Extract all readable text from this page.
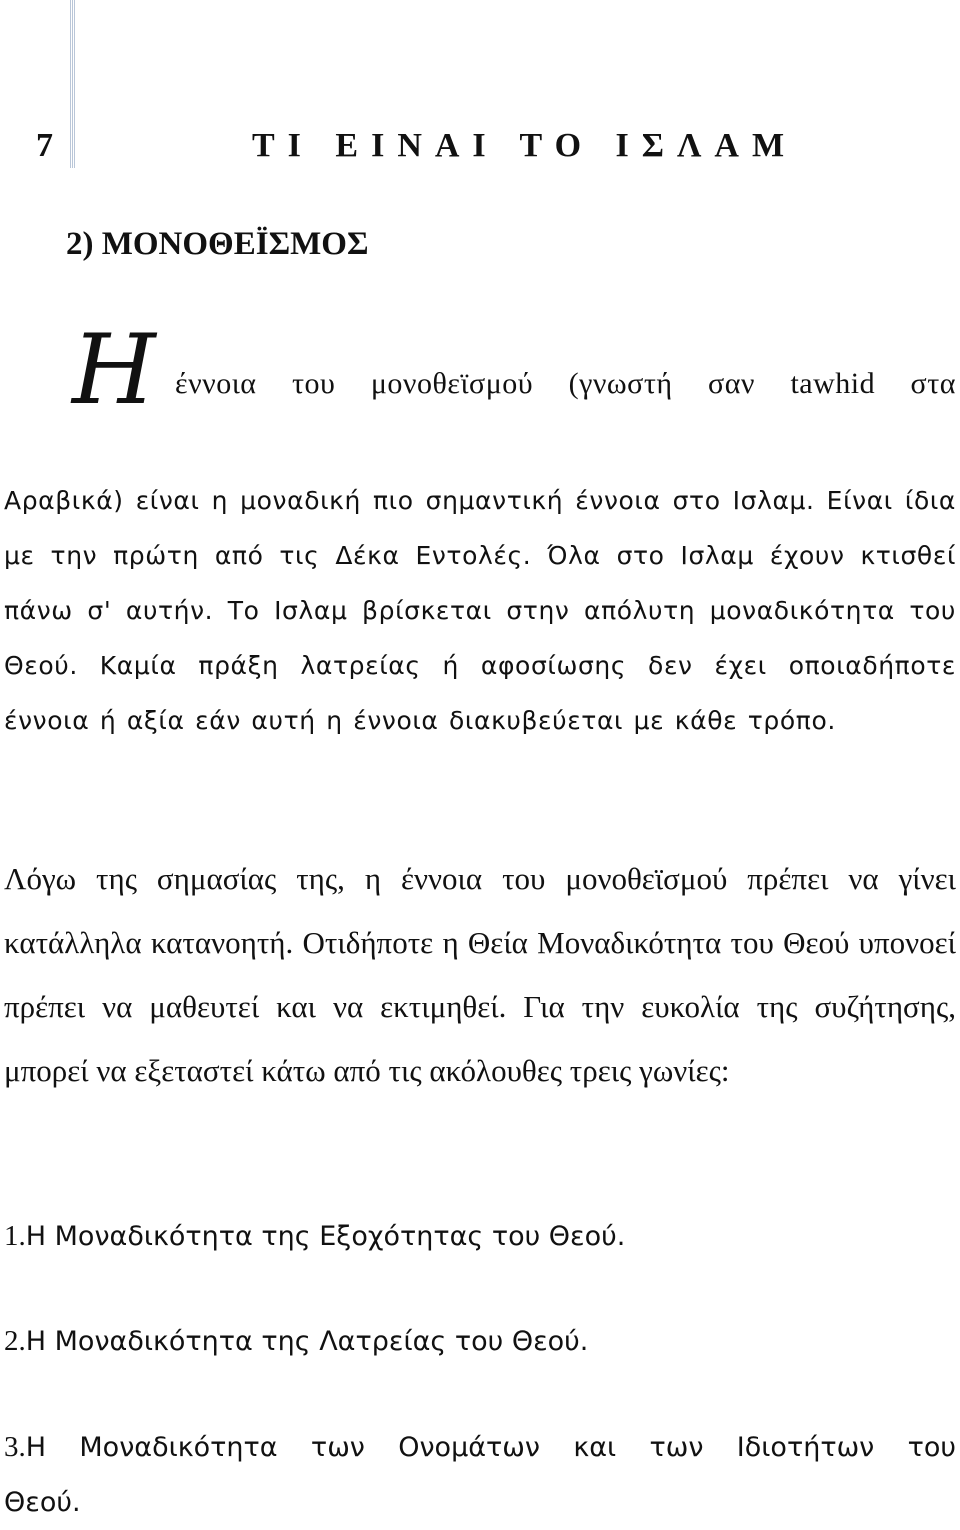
7	ΤΙ ΕΙΝΑΙ ΤΟ ΙΣΛΑΜ

2) ΜΟΝΟΘΕΪΣΜΟΣ

Η έννοια του μονοθεϊσμού (γνωστή σαν tawhid στα

Αραβικά) είναι η μοναδική πιο σημαντική έννοια στο Ισλαμ. Είναι ίδια με την πρώτη από τις Δέκα Εντολές. Όλα στο Ισλαμ έχουν κτισθεί πάνω σ' αυτήν. Το Ισλαμ βρίσκεται στην απόλυτη μοναδικότητα του Θεού. Καμία πράξη λατρείας ή αφοσίωσης δεν έχει οποιαδήποτε έννοια ή αξία εάν αυτή η έννοια διακυβεύεται με κάθε τρόπο.

Λόγω της σημασίας της, η έννοια του μονοθεϊσμού πρέπει να γίνει κατάλληλα κατανοητή. Οτιδήποτε η Θεία Μοναδικότητα του Θεού υπονοεί πρέπει να μαθευτεί και να εκτιμηθεί. Για την ευκολία της συζήτησης, μπορεί να εξεταστεί κάτω από τις ακόλουθες τρεις γωνίες:

1.Η Μοναδικότητα της Εξοχότητας του Θεού.

2.Η Μοναδικότητα της Λατρείας του Θεού.

3.Η Μοναδικότητα των Ονομάτων και των Ιδιοτήτων του Θεού.
